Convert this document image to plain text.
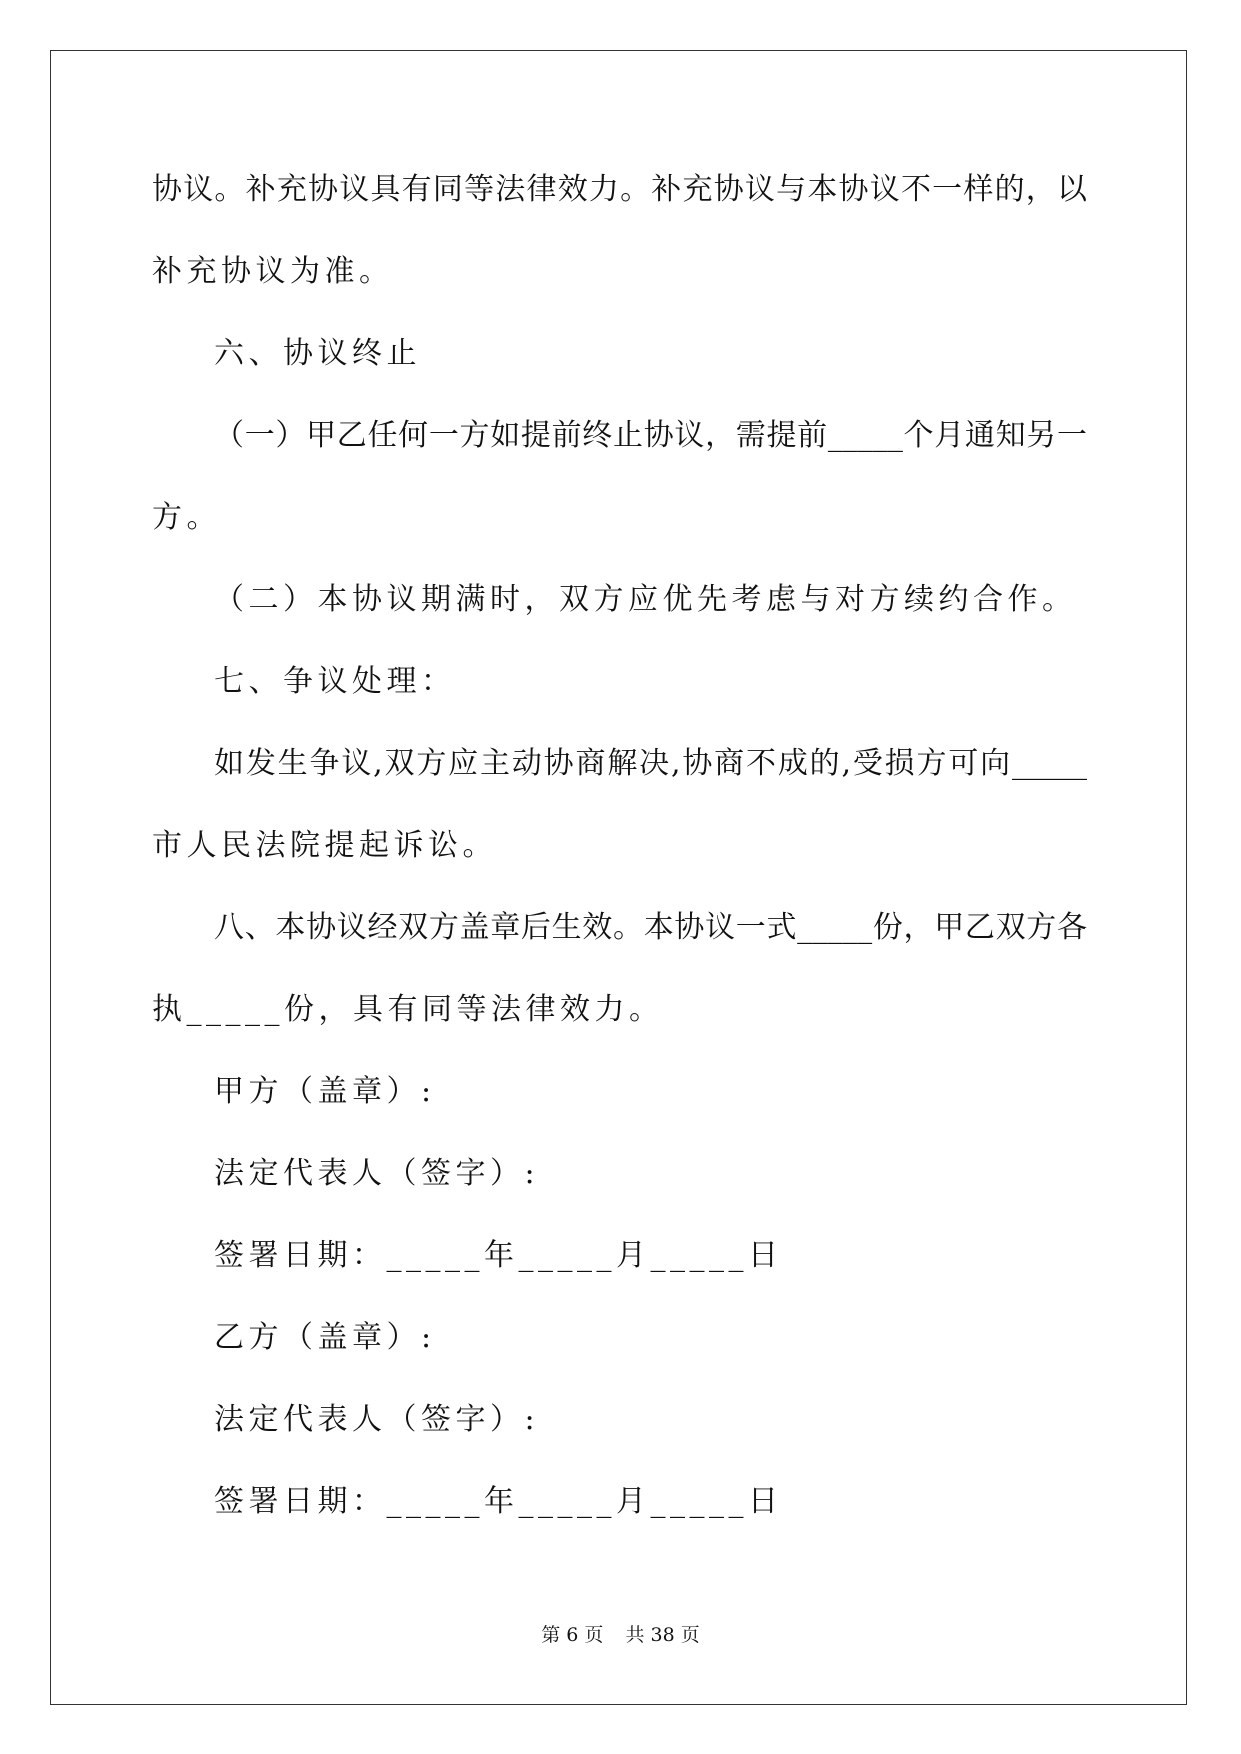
协议。补充协议具有同等法律效力。补充协议与本协议不一样的，以
补充协议为准。
六、协议终止
（一）甲乙任何一方如提前终止协议，需提前_____个月通知另一
方。
（二）本协议期满时，双方应优先考虑与对方续约合作。
七、争议处理：
如发生争议,双方应主动协商解决,协商不成的,受损方可向_____
市人民法院提起诉讼。
八、本协议经双方盖章后生效。本协议一式_____份，甲乙双方各
执_____份，具有同等法律效力。
甲方（盖章）:
法定代表人（签字）:
签署日期：_____年_____月_____日
乙方（盖章）:
法定代表人（签字）:
签署日期：_____年_____月_____日
第 6 页 共 38 页
